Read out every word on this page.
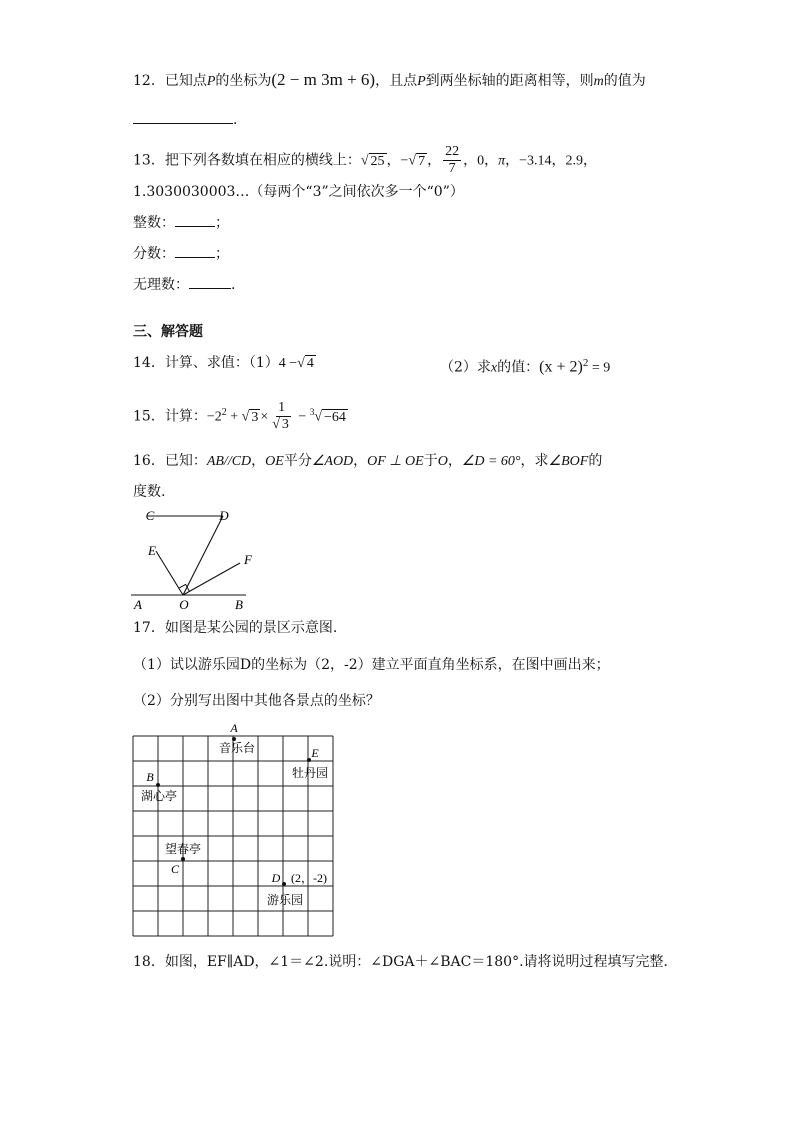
12．已知点P的坐标为(2 − m 3m + 6)，且点P到两坐标轴的距离相等，则m的值为
.
13．把下列各数填在相应的横线上：√ 25 ，−√ 7 ， $\frac{22}{7}$ ，0，π，−3.14，2.9，
1.3030030003…（每两个“3”之间依次多一个“0”）
整数：	；
分数：	；
无理数：	.
三、解答题
14．计算、求值：（1）4 −√ 4	（2）求x的值：$(x + 2)^2 = 9$
15．计算：$-2^2$ + √ $3 \times \frac{1}{√ 3} - ^3√ -64$
16．已知：AB//CD，OE平分∠AOD，OF ⊥ OE于O，∠D = 60°，求∠BOF的
度数.
C	D
E
F
A	O	B
17．如图是某公园的景区示意图.
（1）试以游乐园D的坐标为（2，-2）建立平面直角坐标系，在图中画出来；
（2）分别写出图中其他各景点的坐标？
A
音乐台	E
牡丹园
B
湖心亭
望春亭
C
D (2，-2)
游乐园
18．如图，EF∥AD，∠1＝∠2.说明：∠DGA＋∠BAC＝180°.请将说明过程填写完整．
